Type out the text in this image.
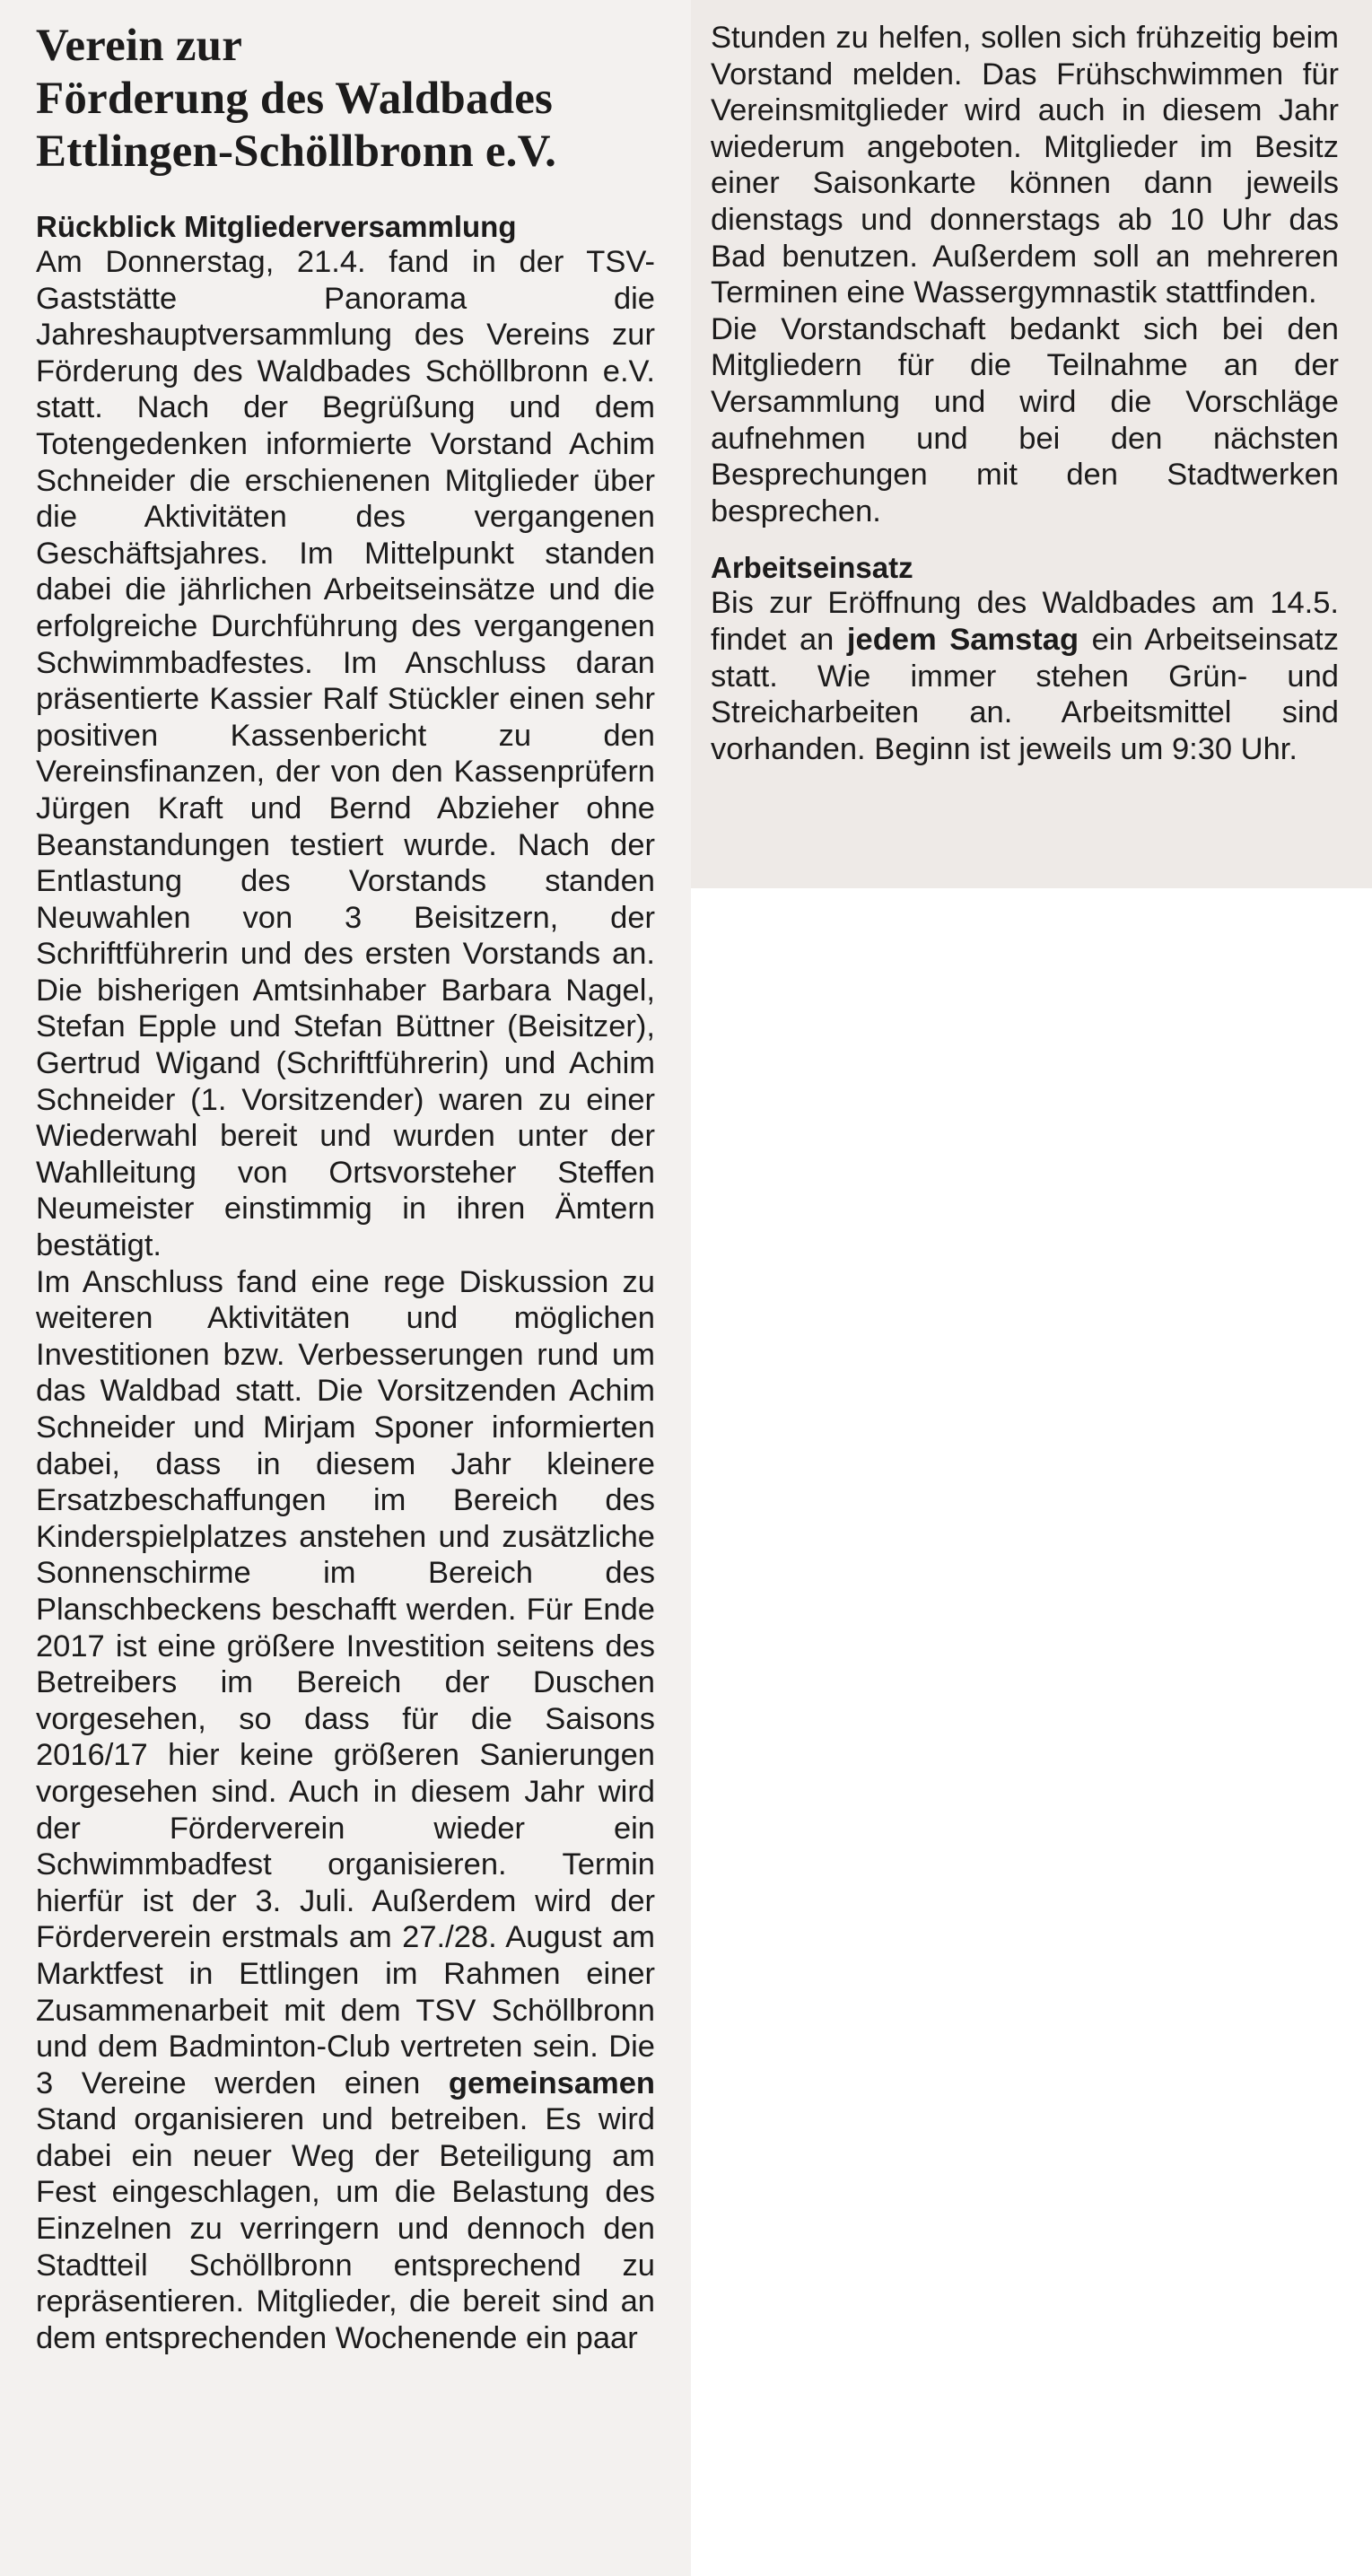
Verein zur
Förderung des Waldbades
Ettlingen-Schöllbronn e.V.
Rückblick Mitgliederversammlung

Am Donnerstag, 21.4. fand in der TSV-Gaststätte Panorama die Jahreshauptversammlung des Vereins zur Förderung des Waldbades Schöllbronn e.V. statt. Nach der Begrüßung und dem Totengedenken informierte Vorstand Achim Schneider die erschienenen Mitglieder über die Aktivitäten des vergangenen Geschäftsjahres. Im Mittelpunkt standen dabei die jährlichen Arbeitseinsätze und die erfolgreiche Durchführung des vergangenen Schwimmbadfestes. Im Anschluss daran präsentierte Kassier Ralf Stückler einen sehr positiven Kassenbericht zu den Vereinsfinanzen, der von den Kassenprüfern Jürgen Kraft und Bernd Abzieher ohne Beanstandungen testiert wurde. Nach der Entlastung des Vorstands standen Neuwahlen von 3 Beisitzern, der Schriftführerin und des ersten Vorstands an. Die bisherigen Amtsinhaber Barbara Nagel, Stefan Epple und Stefan Büttner (Beisitzer), Gertrud Wigand (Schriftführerin) und Achim Schneider (1. Vorsitzender) waren zu einer Wiederwahl bereit und wurden unter der Wahlleitung von Ortsvorsteher Steffen Neumeister einstimmig in ihren Ämtern bestätigt.

Im Anschluss fand eine rege Diskussion zu weiteren Aktivitäten und möglichen Investitionen bzw. Verbesserungen rund um das Waldbad statt. Die Vorsitzenden Achim Schneider und Mirjam Sponer informierten dabei, dass in diesem Jahr kleinere Ersatzbeschaffungen im Bereich des Kinderspielplatzes anstehen und zusätzliche Sonnenschirme im Bereich des Planschbeckens beschafft werden. Für Ende 2017 ist eine größere Investition seitens des Betreibers im Bereich der Duschen vorgesehen, so dass für die Saisons 2016/17 hier keine größeren Sanierungen vorgesehen sind. Auch in diesem Jahr wird der Förderverein wieder ein Schwimmbadfest organisieren. Termin hierfür ist der 3. Juli. Außerdem wird der Förderverein erstmals am 27./28. August am Marktfest in Ettlingen im Rahmen einer Zusammenarbeit mit dem TSV Schöllbronn und dem Badminton-Club vertreten sein. Die 3 Vereine werden einen gemeinsamen Stand organisieren und betreiben. Es wird dabei ein neuer Weg der Beteiligung am Fest eingeschlagen, um die Belastung des Einzelnen zu verringern und dennoch den Stadtteil Schöllbronn entsprechend zu repräsentieren. Mitglieder, die bereit sind an dem entsprechenden Wochenende ein paar

Stunden zu helfen, sollen sich frühzeitig beim Vorstand melden. Das Frühschwimmen für Vereinsmitglieder wird auch in diesem Jahr wiederum angeboten. Mitglieder im Besitz einer Saisonkarte können dann jeweils dienstags und donnerstags ab 10 Uhr das Bad benutzen. Außerdem soll an mehreren Terminen eine Wassergymnastik stattfinden.

Die Vorstandschaft bedankt sich bei den Mitgliedern für die Teilnahme an der Versammlung und wird die Vorschläge aufnehmen und bei den nächsten Besprechungen mit den Stadtwerken besprechen.

Arbeitseinsatz

Bis zur Eröffnung des Waldbades am 14.5. findet an jedem Samstag ein Arbeitseinsatz statt. Wie immer stehen Grün- und Streicharbeiten an. Arbeitsmittel sind vorhanden. Beginn ist jeweils um 9:30 Uhr.
